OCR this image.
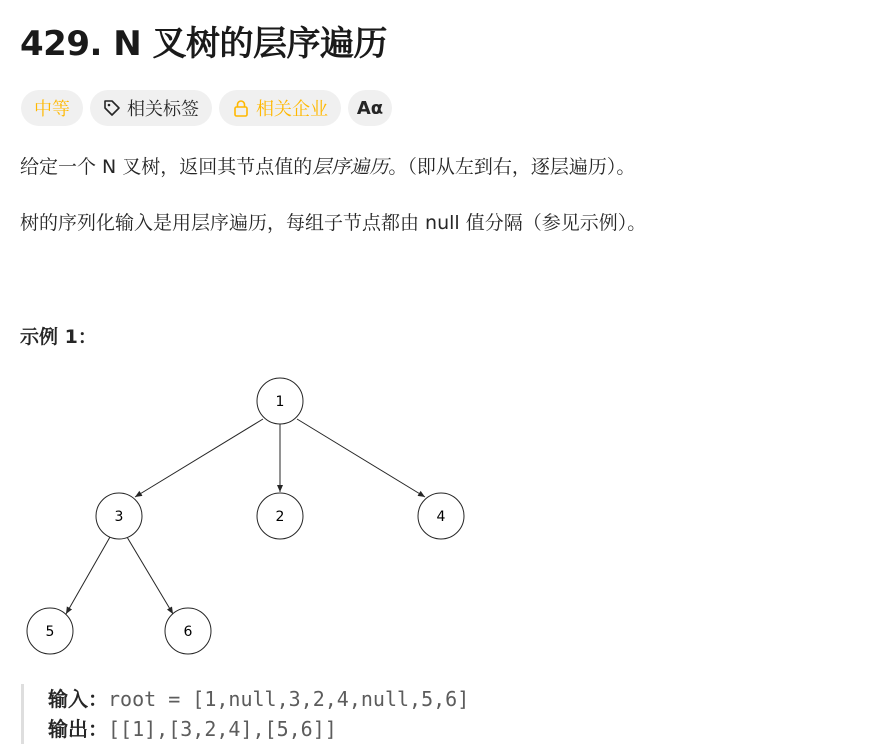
429. N 叉树的层序遍历
中等	相关标签	相关企业 Aα

给定一个 N 叉树，返回其节点值的层序遍历。（即从左到右，逐层遍历）。

树的序列化输入是用层序遍历，每组子节点都由 null 值分隔（参见示例）。

示例 1：

1
3	2	4
5	6
输入：root = [1,null,3,2,4,null,5,6]
输出：[[1],[3,2,4],[5,6]]
